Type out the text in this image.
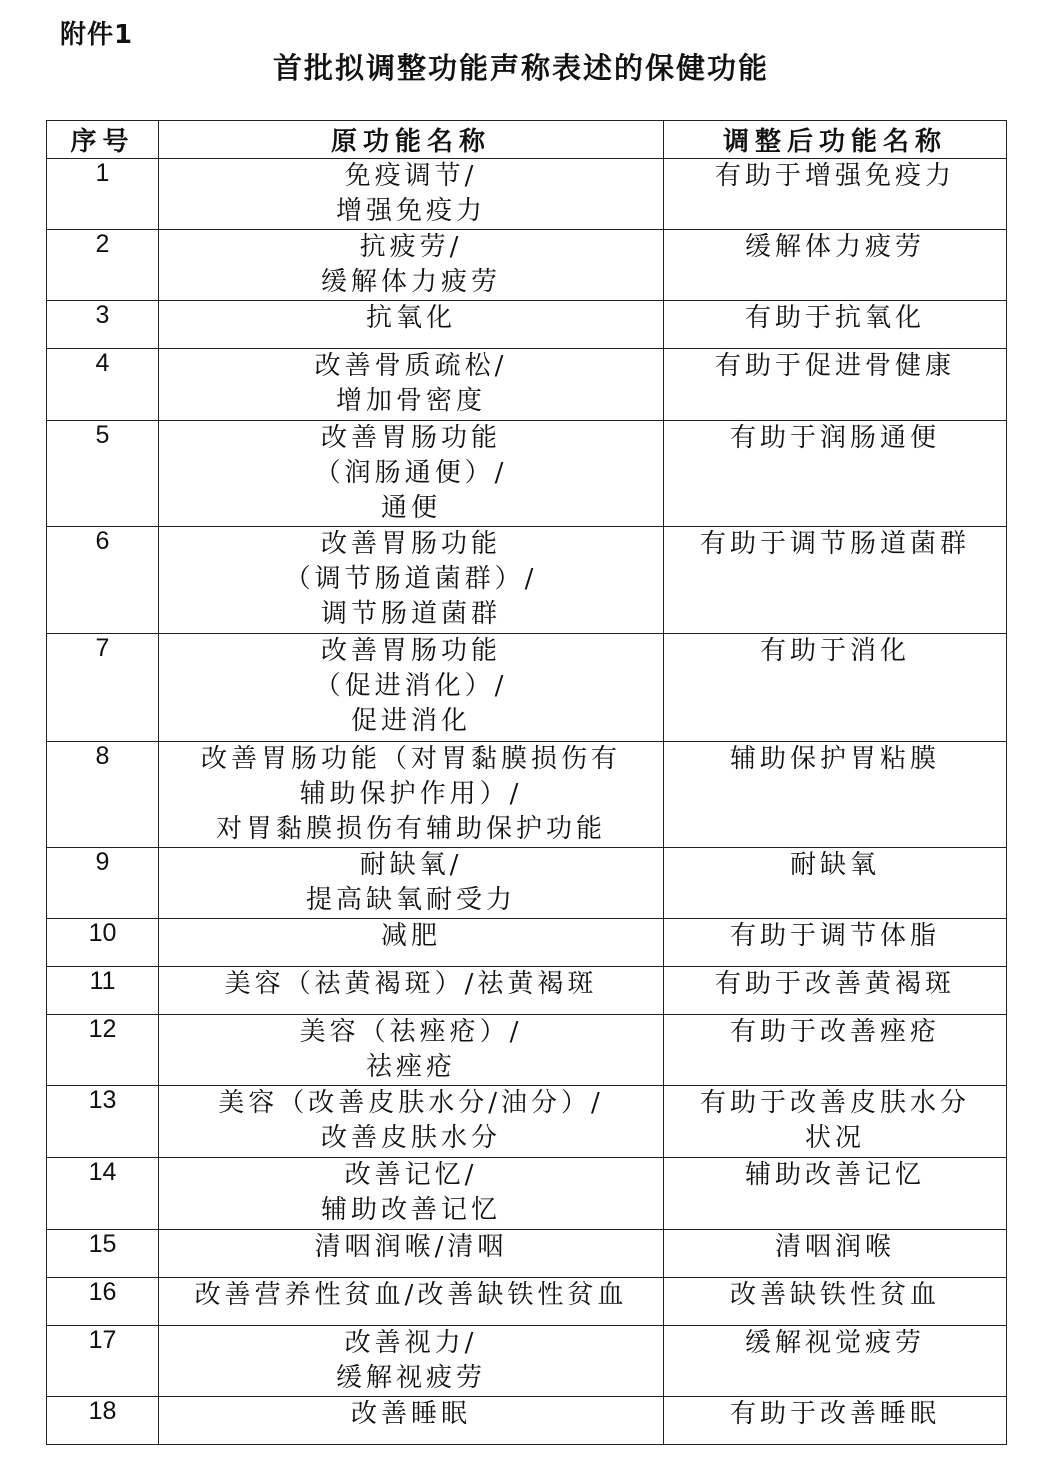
附件1
首批拟调整功能声称表述的保健功能
序号	原功能名称	调整后功能名称
1	免疫调节/
增强免疫力	有助于增强免疫力

2	抗疲劳/
缓解体力疲劳	缓解体力疲劳

3	抗氧化	有助于抗氧化

4	改善骨质疏松/
增加骨密度	有助于促进骨健康

5	改善胃肠功能
（润肠通便）/
通便	有助于润肠通便

6	改善胃肠功能
（调节肠道菌群）/
调节肠道菌群	有助于调节肠道菌群

7	改善胃肠功能
（促进消化）/
促进消化	有助于消化

8	改善胃肠功能（对胃黏膜损伤有
辅助保护作用）/
对胃黏膜损伤有辅助保护功能	辅助保护胃粘膜

9	耐缺氧/
提高缺氧耐受力	耐缺氧

10	减肥	有助于调节体脂

11	美容（祛黄褐斑）/祛黄褐斑	有助于改善黄褐斑

12	美容（祛痤疮）/
祛痤疮	有助于改善痤疮

13	美容（改善皮肤水分/油分）/
改善皮肤水分	有助于改善皮肤水分
状况

14	改善记忆/
辅助改善记忆	辅助改善记忆

15	清咽润喉/清咽	清咽润喉

16	改善营养性贫血/改善缺铁性贫血	改善缺铁性贫血

17	改善视力/
缓解视疲劳	缓解视觉疲劳

18	改善睡眠	有助于改善睡眠
